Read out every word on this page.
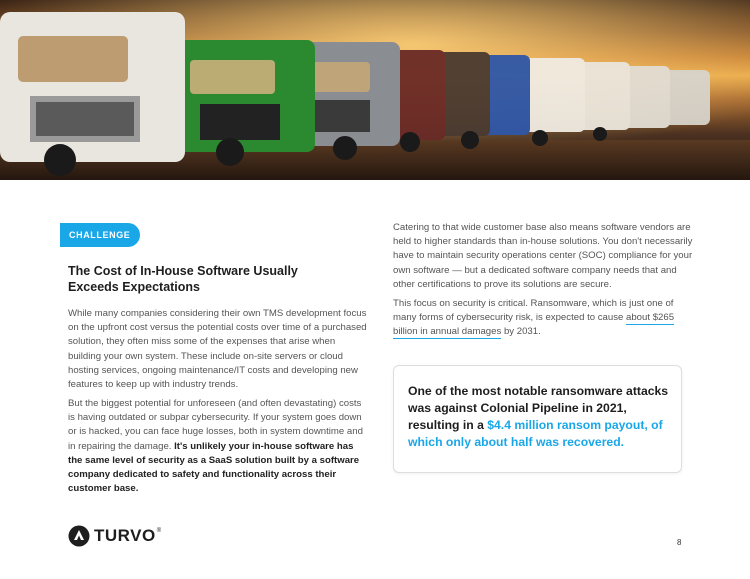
CHALLENGE 3:
The Cost of In-House Software Usually
Exceeds Expectations

While many companies considering their own TMS development focus on the upfront cost versus the potential costs over time of a purchased solution, they often miss some of the expenses that arise when building your own system. These include on-site servers or cloud hosting services, ongoing maintenance/IT costs and developing new features to keep up with industry trends.

But the biggest potential for unforeseen (and often devastating) costs is having outdated or subpar cybersecurity. If your system goes down or is hacked, you can face huge losses, both in system downtime and in repairing the damage. It's unlikely your in-house software has the same level of security as a SaaS solution built by a software company dedicated to safety and functionality across their customer base.

Catering to that wide customer base also means software vendors are held to higher standards than in-house solutions. You don't necessarily have to maintain security operations center (SOC) compliance for your own software — but a dedicated software company needs that and other certifications to prove its solutions are secure.

This focus on security is critical. Ransomware, which is just one of many forms of cybersecurity risk, is expected to cause about $265 billion in annual damages by 2031.

One of the most notable ransomware attacks was against Colonial Pipeline in 2021, resulting in a $4.4 million ransom payout, of which only about half was recovered.
TURVO ®
8
